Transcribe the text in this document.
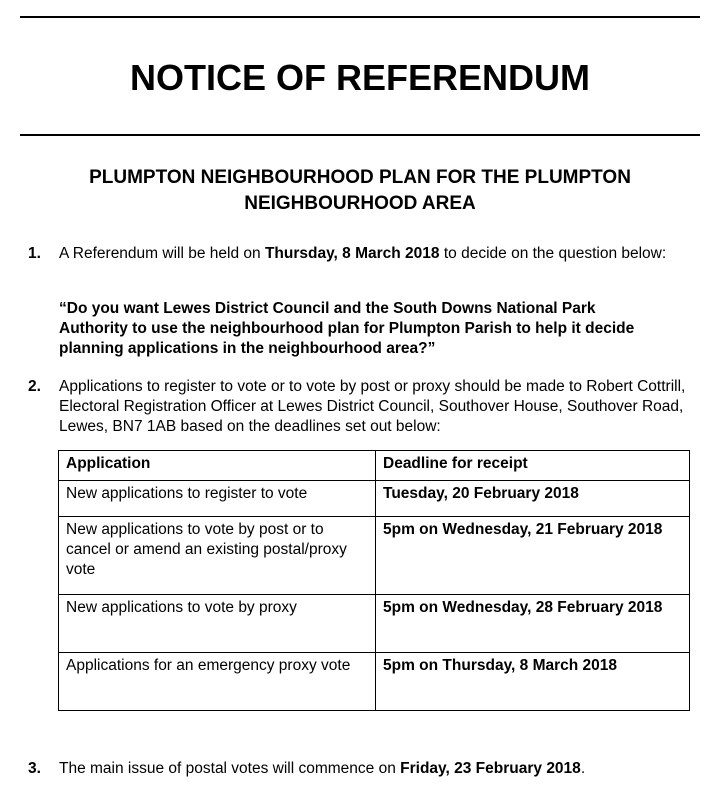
NOTICE OF REFERENDUM
PLUMPTON NEIGHBOURHOOD PLAN FOR THE PLUMPTON
NEIGHBOURHOOD AREA
1. A Referendum will be held on Thursday, 8 March 2018 to decide on the question below:
“Do you want Lewes District Council and the South Downs National Park Authority to use the neighbourhood plan for Plumpton Parish to help it decide planning applications in the neighbourhood area?”
2. Applications to register to vote or to vote by post or proxy should be made to Robert Cottrill, Electoral Registration Officer at Lewes District Council, Southover House, Southover Road, Lewes, BN7 1AB based on the deadlines set out below:
Application	Deadline for receipt
New applications to register to vote	Tuesday, 20 February 2018
New applications to vote by post or to cancel or amend an existing postal/proxy vote	5pm on Wednesday, 21 February 2018
New applications to vote by proxy	5pm on Wednesday, 28 February 2018
Applications for an emergency proxy vote	5pm on Thursday, 8 March 2018
3. The main issue of postal votes will commence on Friday, 23 February 2018.
